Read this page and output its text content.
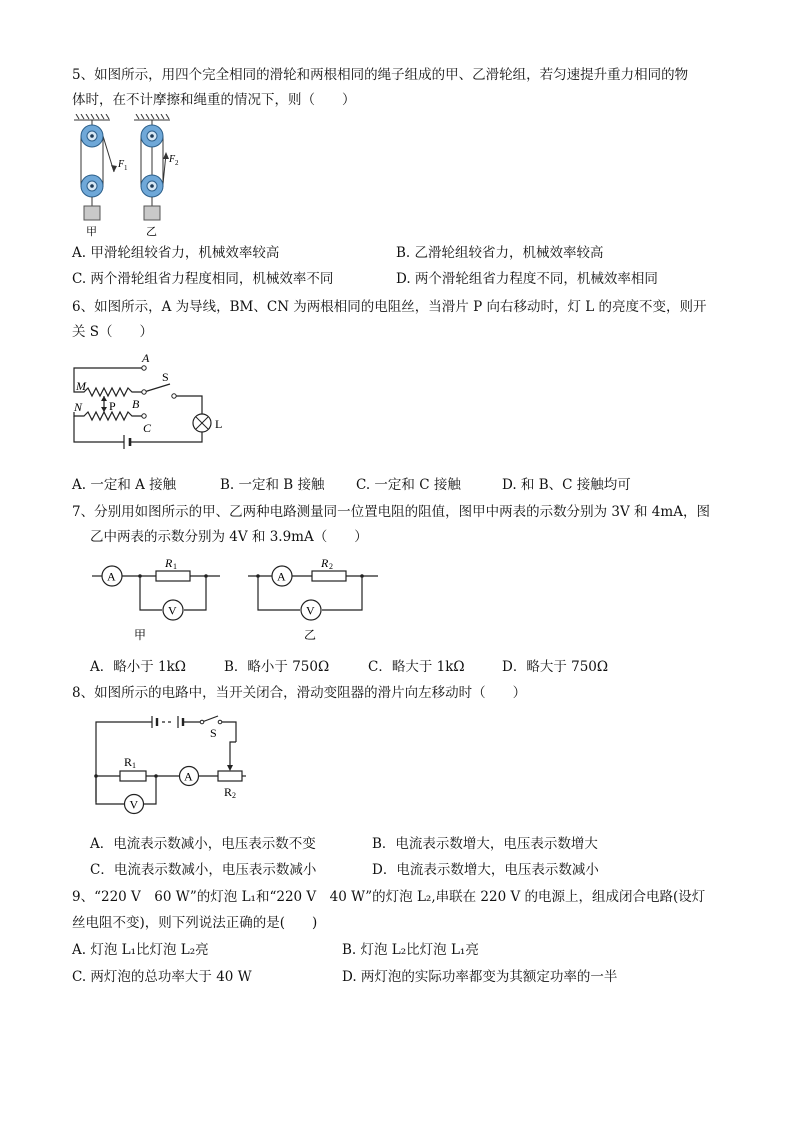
5、如图所示，用四个完全相同的滑轮和两根相同的绳子组成的甲、乙滑轮组，若匀速提升重力相同的物
体时，在不计摩擦和绳重的情况下，则（　　）
F 1
甲
F 2
乙
A. 甲滑轮组较省力，机械效率较高	B. 乙滑轮组较省力，机械效率较高
C. 两个滑轮组省力程度相同，机械效率不同	D. 两个滑轮组省力程度不同，机械效率相同
6、如图所示，A 为导线，BM、CN 为两根相同的电阻丝，当滑片 P 向右移动时，灯 L 的亮度不变，则开
关 S（　　）
A
M
N P B
C
S
L
A. 一定和 A 接触	B. 一定和 B 接触 C. 一定和 C 接触	D. 和 B、C 接触均可
7、分别用如图所示的甲、乙两种电路测量同一位置电阻的阻值，图甲中两表的示数分别为 3V 和 4mA，图
乙中两表的示数分别为 4V 和 3.9mA（　　）
A
R 1
V
甲
A
R 2
V
乙
A．略小于 1kΩ	B．略小于 750Ω	C．略大于 1kΩ	D．略大于 750Ω
8、如图所示的电路中，当开关闭合，滑动变阻器的滑片向左移动时（　　）
S
R 1
A
R 2
V
A．电流表示数减小，电压表示数不变	B．电流表示数增大，电压表示数增大
C．电流表示数减小，电压表示数减小	D．电流表示数增大，电压表示数减小
9、“220 V　60 W”的灯泡 L₁和“220 V　40 W”的灯泡 L₂,串联在 220 V 的电源上，组成闭合电路(设灯
丝电阻不变)，则下列说法正确的是(　　)
A. 灯泡 L₁比灯泡 L₂亮	B. 灯泡 L₂比灯泡 L₁亮
C. 两灯泡的总功率大于 40 W	D. 两灯泡的实际功率都变为其额定功率的一半
